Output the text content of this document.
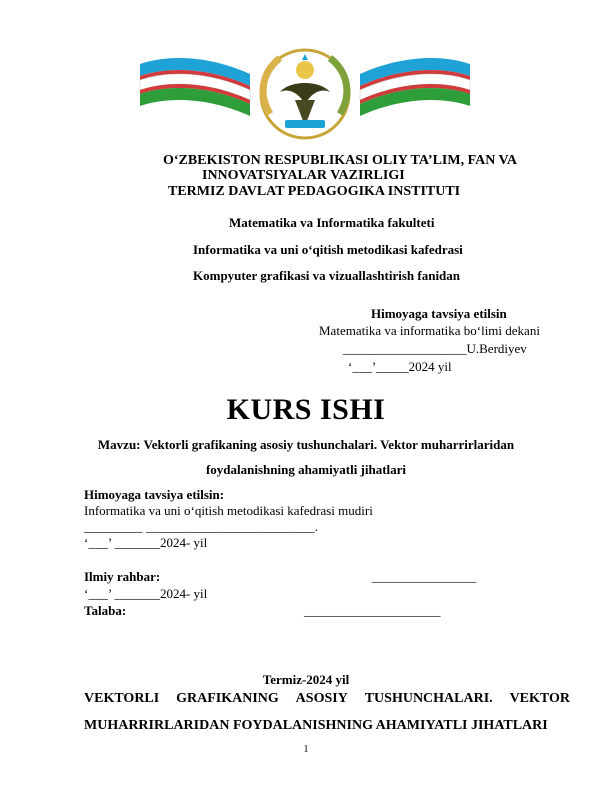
O‘ZBEKISTON RESPUBLIKASI OLIY TA’LIM, FAN VA
INNOVATSIYALAR VAZIRLIGI
TERMIZ DAVLAT PEDAGOGIKA INSTITUTI
Matematika va Informatika fakulteti
Informatika va uni o‘qitish metodikasi kafedrasi
Kompyuter grafikasi va vizuallashtirish fanidan
Himoyaga tavsiya etilsin
Matematika va informatika bo‘limi dekani
___________________U.Berdiyev
‘___’_____2024 yil
KURS ISHI
Mavzu: Vektorli grafikaning asosiy tushunchalari. Vektor muharrirlaridan
foydalanishning ahamiyatli jihatlari
Himoyaga tavsiya etilsin:
Informatika va uni o‘qitish metodikasi kafedrasi mudiri
_________ __________________________.
‘___’ _______2024- yil
Ilmiy rahbar:	________________
‘___’ _______2024- yil
Talaba:	_____________________
Termiz-2024 yil
VEKTORLI GRAFIKANING ASOSIY TUSHUNCHALARI. VEKTOR
MUHARRIRLARIDAN FOYDALANISHNING AHAMIYATLI JIHATLARI
1
